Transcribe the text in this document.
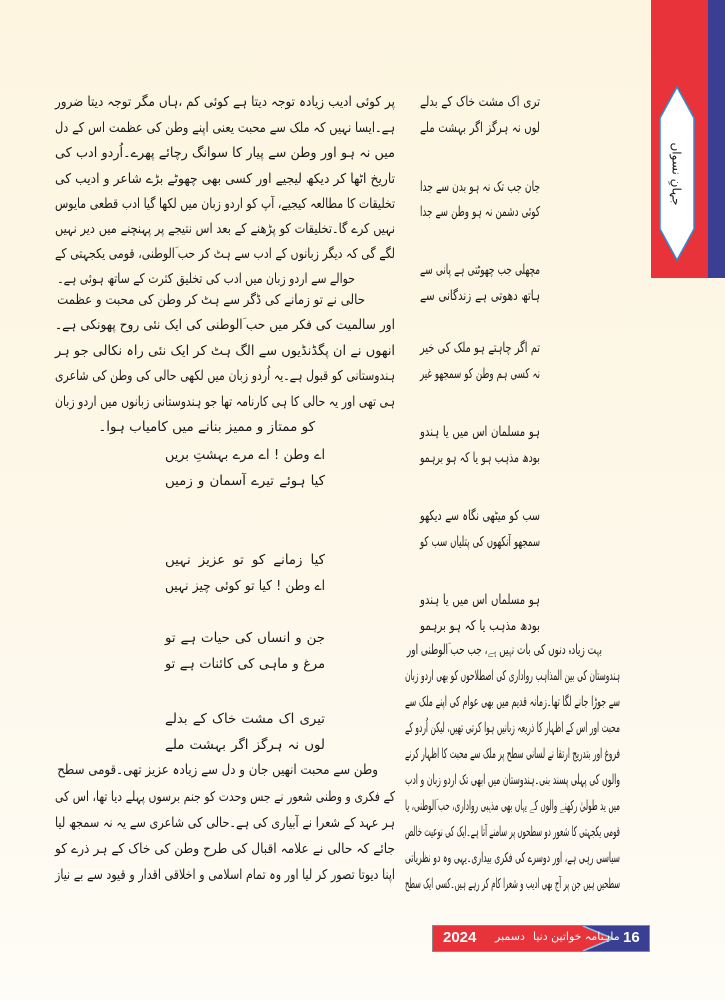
جہانِ نسواں
پر کوئی ادیب زیادہ توجہ دیتا ہے کوئی کم ،ہاں مگر توجہ دیتا ضرور
ہے۔ایسا نہیں کہ ملک سے محبت یعنی اپنے وطن کی عظمت اس کے دل
میں نہ ہو اور وطن سے پیار کا سوانگ رچائے پھرے۔اُردو ادب کی
تاریخ اٹھا کر دیکھ لیجیے اور کسی بھی چھوٹے بڑے شاعر و ادیب کی
تخلیقات کا مطالعہ کیجیے، آپ کو اردو زبان میں لکھا گیا ادب قطعی مایوس
نہیں کرے گا۔تخلیقات کو پڑھنے کے بعد اس نتیجے پر پہنچنے میں دیر نہیں
لگے گی کہ دیگر زبانوں کے ادب سے ہٹ کر حب ؔالوطنی، قومی یکجہتی کے
حوالے سے اردو زبان میں ادب کی تخلیق کثرت کے ساتھ ہوئی ہے۔
حالی نے تو زمانے کی ڈگر سے ہٹ کر وطن کی محبت و عظمت
اور سالمیت کی فکر میں حب ؔالوطنی کی ایک نئی روح پھونکی ہے۔
انھوں نے ان پگڈنڈیوں سے الگ ہٹ کر ایک نئی راہ نکالی جو ہر
ہندوستانی کو قبول ہے۔یہ اُردو زبان میں لکھی حالی کی وطن کی شاعری
ہی تھی اور یہ حالی کا ہی کارنامہ تھا جو ہندوستانی زبانوں میں اردو زبان
کو ممتاز و ممیز بنانے میں کامیاب ہوا۔
اے وطن ! اے مرے بہشتِ بریں
کیا ہوئے تیرے آسمان و زمیں
کیا زمانے کو تو عزیز نہیں
اے وطن ! کیا تو کوئی چیز نہیں
جن و انساں کی حیات ہے تو
مرغ و ماہی کی کائنات ہے تو
تیری اک مشت خاک کے بدلے
لوں نہ ہرگز اگر بہشت ملے
وطن سے محبت انھیں جان و دل سے زیادہ عزیز تھی۔قومی سطح
کے فکری و وطنی شعور نے جس وحدت کو جنم برسوں پہلے دیا تھا، اس کی
ہر عہد کے شعرا نے آبیاری کی ہے۔حالی کی شاعری سے یہ نہ سمجھ لیا
جائے کہ حالی نے علامہ اقبال کی طرح وطن کی خاک کے ہر ذرے کو
اپنا دیوتا تصور کر لیا اور وہ تمام اسلامی و اخلاقی اقدار و قیود سے بے نیاز
تری اک مشت خاک کے بدلے
لوں نہ ہرگز اگر بہشت ملے
جان جب تک نہ ہو بدن سے جدا
کوئی دشمن نہ ہو وطن سے جدا
مچھلی جب چھوٹتی ہے پانی سے
ہاتھ دھوتی ہے زندگانی سے
تم اگر چاہتے ہو ملک کی خیر
نہ کسی ہم وطن کو سمجھو غیر
ہو مسلمان اس میں یا ہندو
بودھ مذہب ہو یا کہ ہو برہمو
سب کو میٹھی نگاہ سے دیکھو
سمجھو آنکھوں کی پتلیاں سب کو
ہو مسلماں اس میں یا ہندو
بودھ مذہب یا کہ ہو برہمو
بہت زیادہ دنوں کی بات نہیں ہے، جب حب ؔالوطنی اور
ہندوستان کی بین المذاہب رواداری کی اصطلاحوں کو بھی اردو زبان
سے جوڑا جانے لگا تھا۔زمانہ قدیم میں بھی عوام کی اپنے ملک سے
محبت اور اس کے اظہار کا ذریعہ زبانیں ہوا کرتی تھیں، لیکن اُردو کے
فروغ اور بتدریج ارتقا نے لسانی سطح پر ملک سے محبت کا اظہار کرنے
والوں کی پہلی پسند بنی۔ہندوستان میں ابھی تک اردو زبان و ادب
میں ید طولیٰ رکھنے والوں کے یہاں بھی مذہبی رواداری، حب ؔالوطنی، یا
قومی یکجہتی کا شعور دو سطحوں پر سامنے آتا ہے۔ایک کی نوعیت خالص
سیاسی رہی ہے، اور دوسرے کی فکری بیداری۔یہی وہ دو نظریاتی
سطحیں ہیں جن پر آج بھی ادیب و شعرا کام کر رہے ہیں۔کسی ایک سطح
2024 دسمبر ماہنامہ خواتین دنیا 16
